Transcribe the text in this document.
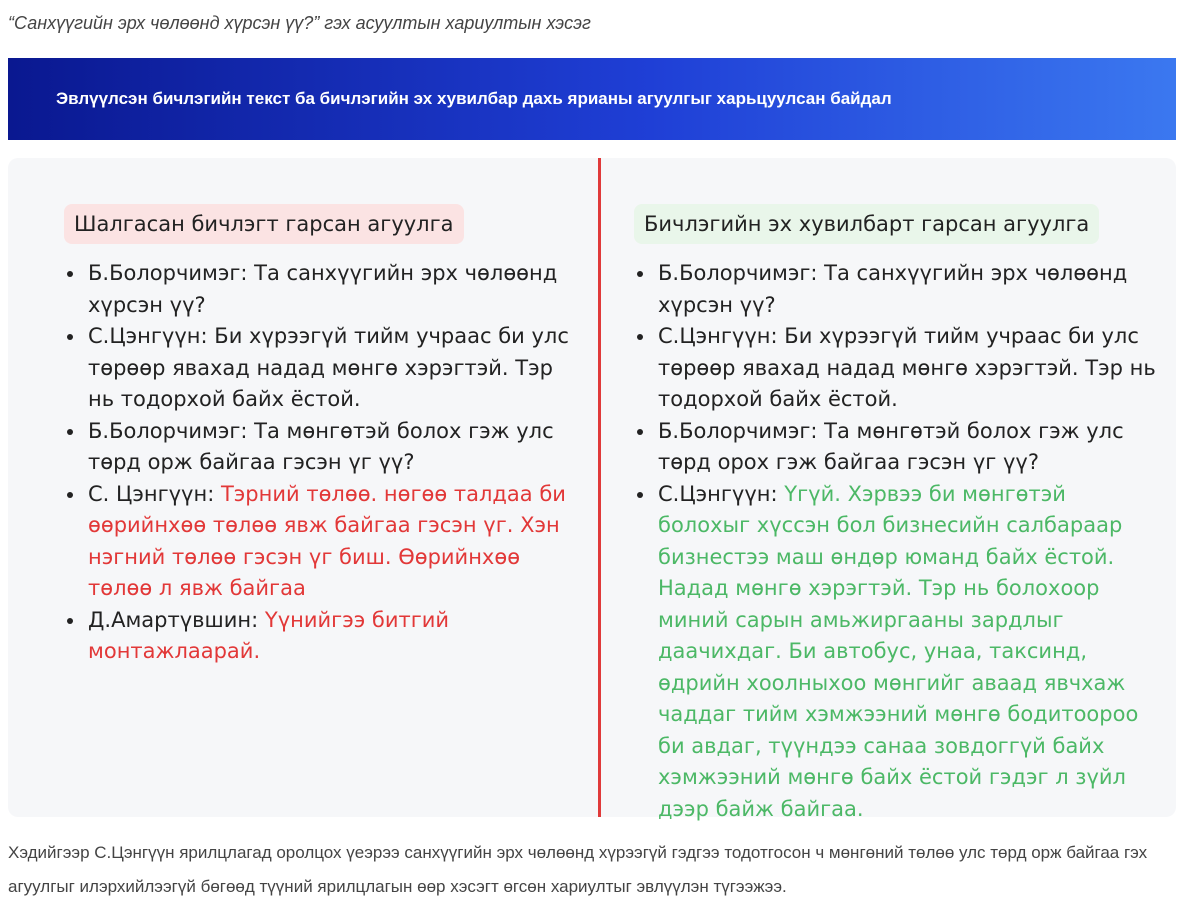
“Санхүүгийн эрх чөлөөнд хүрсэн үү?” гэх асуултын хариултын хэсэг
Эвлүүлсэн бичлэгийн текст ба бичлэгийн эх хувилбар дахь ярианы агуулгыг харьцуулсан байдал
Шалгасан бичлэгт гарсан агуулга
• Б.Болорчимэг: Та санхүүгийн эрх чөлөөнд хүрсэн үү?
• С.Цэнгүүн: Би хүрээгүй тийм учраас би улс төрөөр явахад надад мөнгө хэрэгтэй. Тэр нь тодорхой байх ёстой.
• Б.Болорчимэг: Та мөнгөтэй болох гэж улс төрд орж байгаа гэсэн үг үү?
• С. Цэнгүүн: Тэрний төлөө. нөгөө талдаа би өөрийнхөө төлөө явж байгаа гэсэн үг. Хэн нэгний төлөө гэсэн үг биш. Өөрийнхөө төлөө л явж байгаа
• Д.Амартүвшин: Үүнийгээ битгий монтажлаарай.
Бичлэгийн эх хувилбарт гарсан агуулга
• Б.Болорчимэг: Та санхүүгийн эрх чөлөөнд хүрсэн үү?
• С.Цэнгүүн: Би хүрээгүй тийм учраас би улс төрөөр явахад надад мөнгө хэрэгтэй. Тэр нь тодорхой байх ёстой.
• Б.Болорчимэг: Та мөнгөтэй болох гэж улс төрд орох гэж байгаа гэсэн үг үү?
• С.Цэнгүүн: Үгүй. Хэрвээ би мөнгөтэй болохыг хүссэн бол бизнесийн салбараар бизнестээ маш өндөр юманд байх ёстой. Надад мөнгө хэрэгтэй. Тэр нь болохоор миний сарын амьжиргааны зардлыг даачихдаг. Би автобус, унаа, таксинд, өдрийн хоолныхоо мөнгийг аваад явчхаж чаддаг тийм хэмжээний мөнгө бодитоороо би авдаг, түүндээ санаа зовдоггүй байх хэмжээний мөнгө байх ёстой гэдэг л зүйл дээр байж байгаа.
Хэдийгээр С.Цэнгүүн ярилцлагад оролцох үеэрээ санхүүгийн эрх чөлөөнд хүрээгүй гэдгээ тодотгосон ч мөнгөний төлөө улс төрд орж байгаа гэх агуулгыг илэрхийлээгүй бөгөөд түүний ярилцлагын өөр хэсэгт өгсөн хариултыг эвлүүлэн түгээжээ.
